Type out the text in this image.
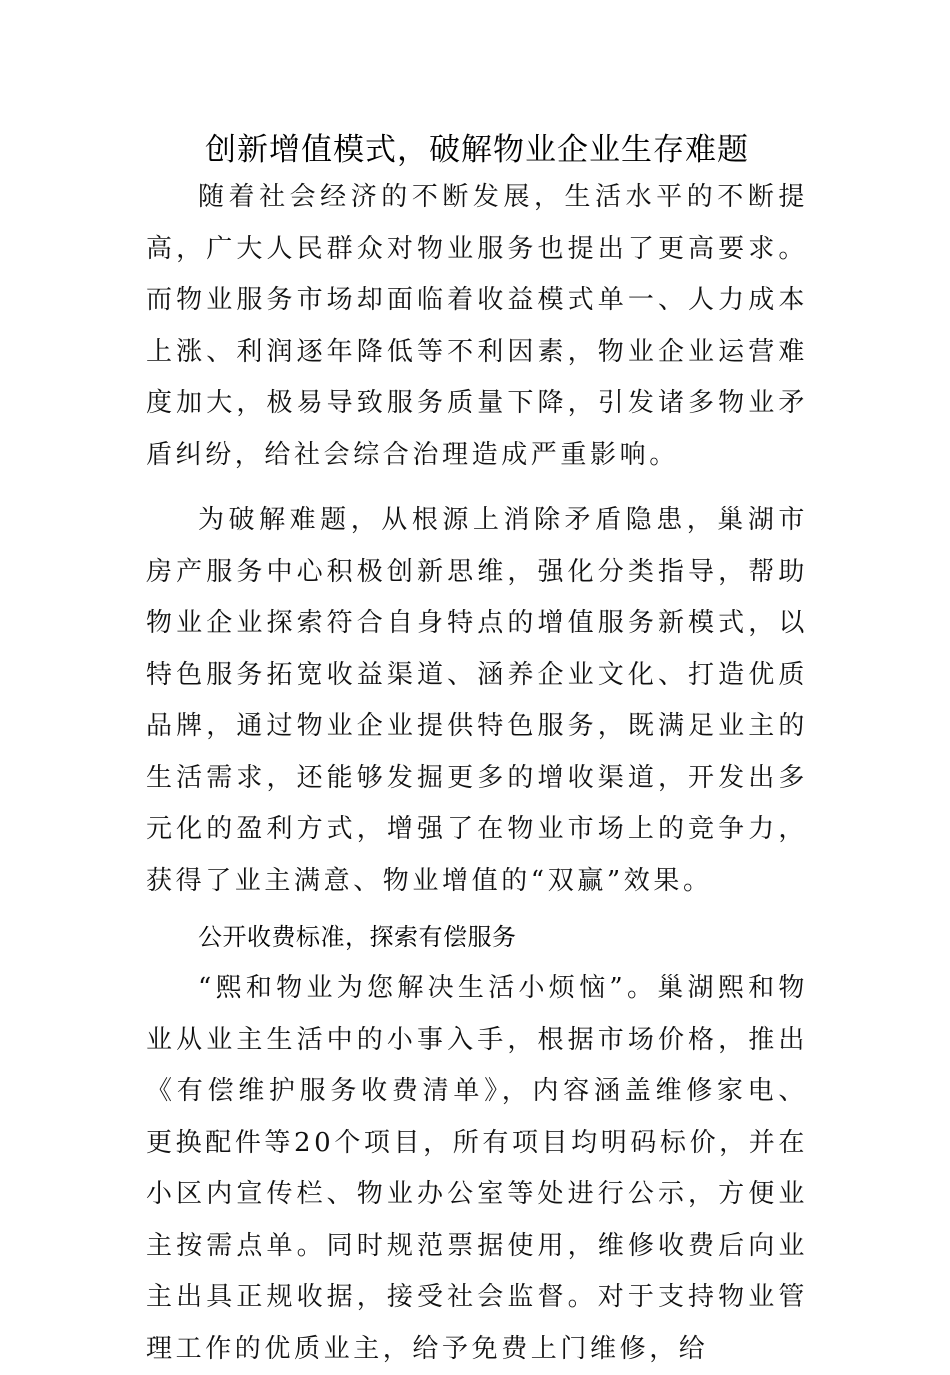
创新增值模式，破解物业企业生存难题

随着社会经济的不断发展，生活水平的不断提高，广大人民群众对物业服务也提出了更高要求。而物业服务市场却面临着收益模式单一、人力成本上涨、利润逐年降低等不利因素，物业企业运营难度加大，极易导致服务质量下降，引发诸多物业矛盾纠纷，给社会综合治理造成严重影响。

为破解难题，从根源上消除矛盾隐患，巢湖市房产服务中心积极创新思维，强化分类指导，帮助物业企业探索符合自身特点的增值服务新模式，以特色服务拓宽收益渠道、涵养企业文化、打造优质品牌，通过物业企业提供特色服务，既满足业主的生活需求，还能够发掘更多的增收渠道，开发出多元化的盈利方式，增强了在物业市场上的竞争力，获得了业主满意、物业增值的“双赢”效果。

公开收费标准，探索有偿服务

“熙和物业为您解决生活小烦恼”。巢湖熙和物业从业主生活中的小事入手，根据市场价格，推出《有偿维护服务收费清单》，内容涵盖维修家电、更换配件等20个项目，所有项目均明码标价，并在小区内宣传栏、物业办公室等处进行公示，方便业主按需点单。同时规范票据使用，维修收费后向业主出具正规收据，接受社会监督。对于支持物业管理工作的优质业主，给予免费上门维修，给
